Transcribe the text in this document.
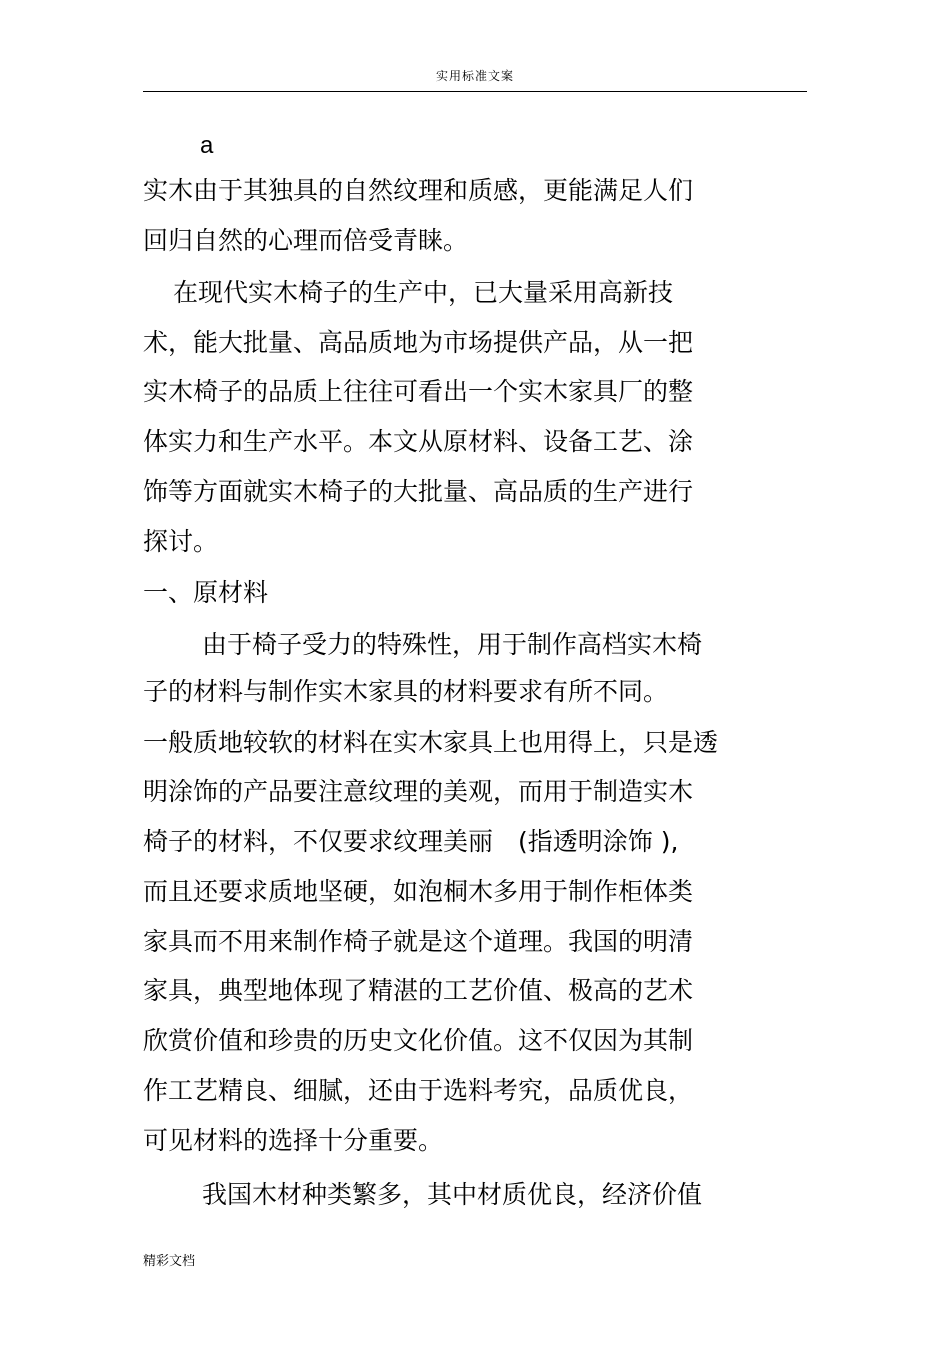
实用标准文案
a
实木由于其独具的自然纹理和质感，更能满足人们
回归自然的心理而倍受青睐。
在现代实木椅子的生产中，已大量采用高新技
术，能大批量、高品质地为市场提供产品，从一把
实木椅子的品质上往往可看出一个实木家具厂的整
体实力和生产水平。本文从原材料、设备工艺、涂
饰等方面就实木椅子的大批量、高品质的生产进行
探讨。
一、原材料
由于椅子受力的特殊性，用于制作高档实木椅
子的材料与制作实木家具的材料要求有所不同。
一般质地较软的材料在实木家具上也用得上，只是透
明涂饰的产品要注意纹理的美观，而用于制造实木
椅子的材料，不仅要求纹理美丽　(指透明涂饰 ),
而且还要求质地坚硬，如泡桐木多用于制作柜体类
家具而不用来制作椅子就是这个道理。我国的明清
家具，典型地体现了精湛的工艺价值、极高的艺术
欣赏价值和珍贵的历史文化价值。这不仅因为其制
作工艺精良、细腻，还由于选料考究，品质优良，
可见材料的选择十分重要。
我国木材种类繁多，其中材质优良，经济价值
精彩文档
